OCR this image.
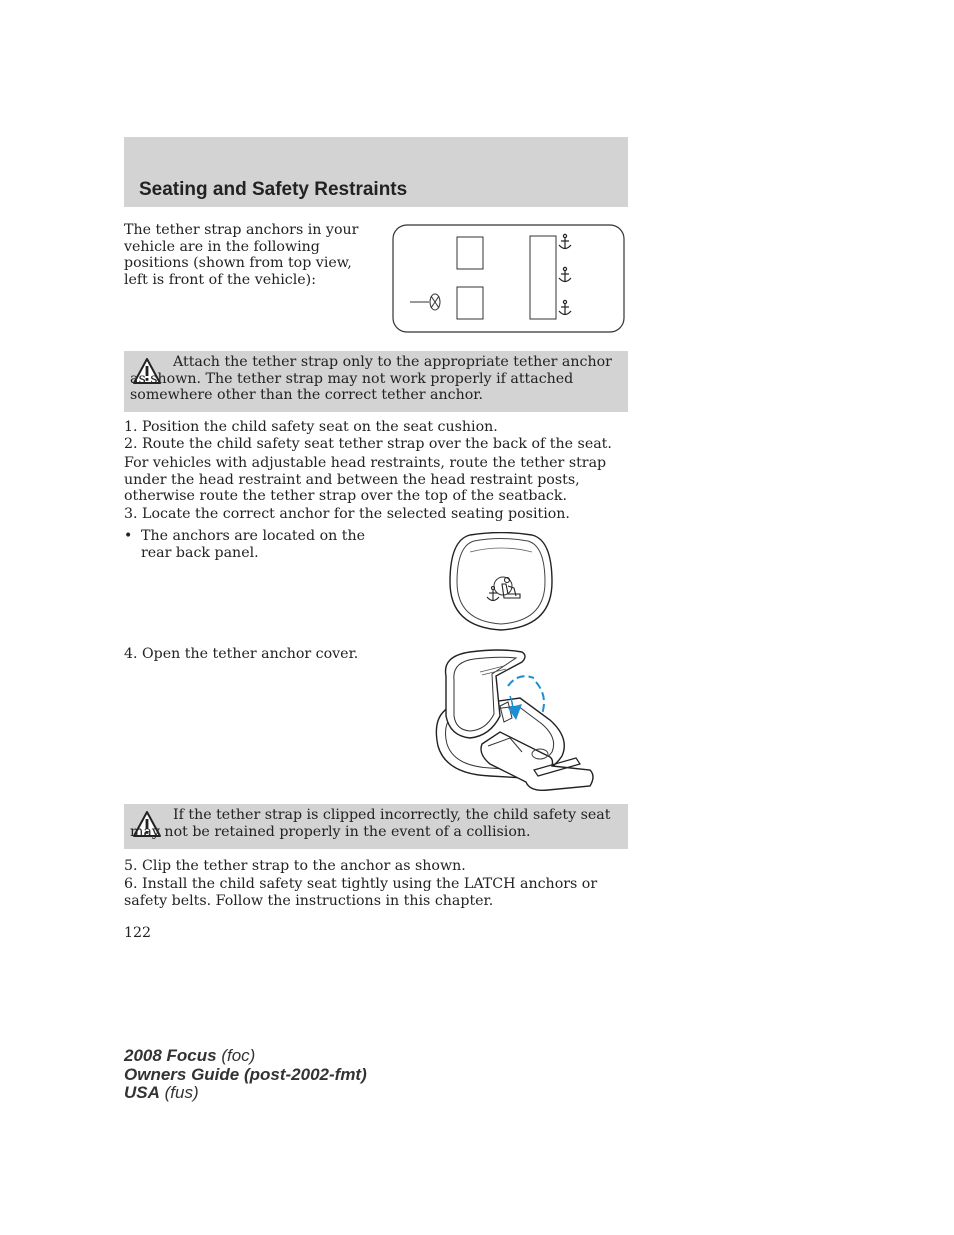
Seating and Safety Restraints

The tether strap anchors in your vehicle are in the following positions (shown from top view, left is front of the vehicle):

Attach the tether strap only to the appropriate tether anchor as shown. The tether strap may not work properly if attached somewhere other than the correct tether anchor.

1. Position the child safety seat on the seat cushion.

2. Route the child safety seat tether strap over the back of the seat.

For vehicles with adjustable head restraints, route the tether strap under the head restraint and between the head restraint posts, otherwise route the tether strap over the top of the seatback.

3. Locate the correct anchor for the selected seating position.

• The anchors are located on the rear back panel.

4. Open the tether anchor cover.

If the tether strap is clipped incorrectly, the child safety seat may not be retained properly in the event of a collision.

5. Clip the tether strap to the anchor as shown.

6. Install the child safety seat tightly using the LATCH anchors or safety belts. Follow the instructions in this chapter.

122

2008 Focus (foc)
Owners Guide (post-2002-fmt)
USA (fus)
